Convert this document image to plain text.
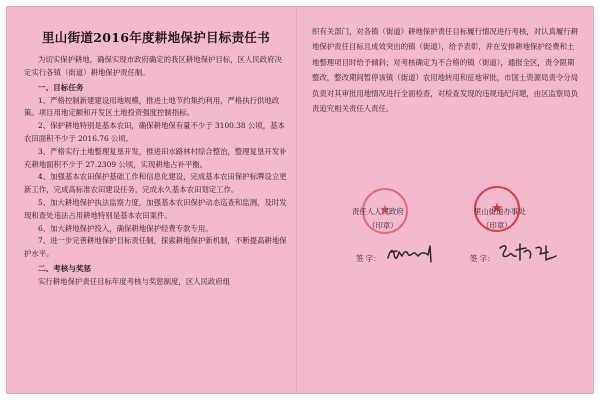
里山街道2016年度耕地保护目标责任书

为切实保护耕地，确保实现市政府确定的我区耕地保护目标，区人民政府决定实行各镇（街道）耕地保护责任制。

一、目标任务

1、严格控制新建建设用地规模，推进土地节约集约利用，严格执行供地政策。项目用地定额和开发区土地投资强度控制指标。

2、保护耕地特别是基本农田，确保耕地保有量不少于 3100.38 公顷，基本农田面积不少于 2016.76 公顷。

3、严格实行土地整理复垦开发，推进田水路林村综合整治，整理复垦开发补充耕地面积不少于 27.2309 公顷，实现耕地占补平衡。

4、加强基本农田保护基础工作和信息化建设，完成基本农田保护标牌设立更新工作，完成高标准农田建设任务，完成永久基本农田划定工作。

5、加大耕地保护执法监察力度，加强基本农田保护动态巡查和监测，及时发现和查处违法占用耕地特别是基本农田案件。

6、加大耕地保护投入，确保耕地保护经费专款专用。

7、进一步完善耕地保护目标责任制，探索耕地保护新机制，不断提高耕地保护水平。

二、考核与奖惩

实行耕地保护责任目标年度考核与奖惩制度，区人民政府组

织有关部门，对各镇（街道）耕地保护责任目标履行情况进行考核，对认真履行耕地保护责任目标且成效突出的镇（街道），给予表彰，并在安排耕地保护经费和土地整理项目时给予倾斜；对考核确定为不合格的镇（街道），通报全区，责令限期整改，整改期间暂停该镇（街道）农用地转用和征地审批，市国土资源局责令分局负责对其审批用地情况进行全面检查，对检查发现的违规违纪问题，由区监察局负责追究相关责任人责任。

★
★
责任人人民政府
（印章）
里山街道办事处
（印章）
签 字：	签 字：
